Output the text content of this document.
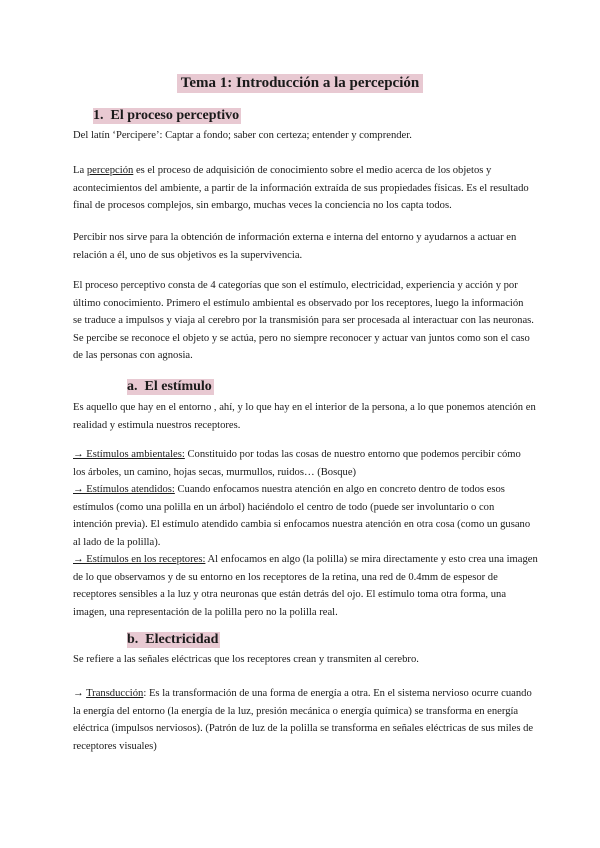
Tema 1: Introducción a la percepción
1. El proceso perceptivo
Del latín ‘Percipere’: Captar a fondo; saber con certeza; entender y comprender.
La percepción es el proceso de adquisición de conocimiento sobre el medio acerca de los objetos y
acontecimientos del ambiente, a partir de la información extraída de sus propiedades físicas. Es el resultado
final de procesos complejos, sin embargo, muchas veces la conciencia no los capta todos.
Percibir nos sirve para la obtención de información externa e interna del entorno y ayudarnos a actuar en
relación a él, uno de sus objetivos es la supervivencia.
El proceso perceptivo consta de 4 categorías que son el estímulo, electricidad, experiencia y acción y por
último conocimiento. Primero el estímulo ambiental es observado por los receptores, luego la información
se traduce a impulsos y viaja al cerebro por la transmisión para ser procesada al interactuar con las neuronas.
Se percibe se reconoce el objeto y se actúa, pero no siempre reconocer y actuar van juntos como son el caso
de las personas con agnosia.
a. El estímulo
Es aquello que hay en el entorno , ahí, y lo que hay en el interior de la persona, a lo que ponemos atención en
realidad y estimula nuestros receptores.
→ Estímulos ambientales: Constituido por todas las cosas de nuestro entorno que podemos percibir cómo
los árboles, un camino, hojas secas, murmullos, ruidos… (Bosque)
→ Estímulos atendidos: Cuando enfocamos nuestra atención en algo en concreto dentro de todos esos
estímulos (como una polilla en un árbol) haciéndolo el centro de todo (puede ser involuntario o con
intención previa). El estímulo atendido cambia si enfocamos nuestra atención en otra cosa (como un gusano
al lado de la polilla).
→ Estímulos en los receptores: Al enfocamos en algo (la polilla) se mira directamente y esto crea una imagen
de lo que observamos y de su entorno en los receptores de la retina, una red de 0.4mm de espesor de
receptores sensibles a la luz y otra neuronas que están detrás del ojo. El estímulo toma otra forma, una
imagen, una representación de la polilla pero no la polilla real.
b. Electricidad
Se refiere a las señales eléctricas que los receptores crean y transmiten al cerebro.
→ Transducción: Es la transformación de una forma de energía a otra. En el sistema nervioso ocurre cuando
la energía del entorno (la energía de la luz, presión mecánica o energía química) se transforma en energía
eléctrica (impulsos nerviosos). (Patrón de luz de la polilla se transforma en señales eléctricas de sus miles de
receptores visuales)
